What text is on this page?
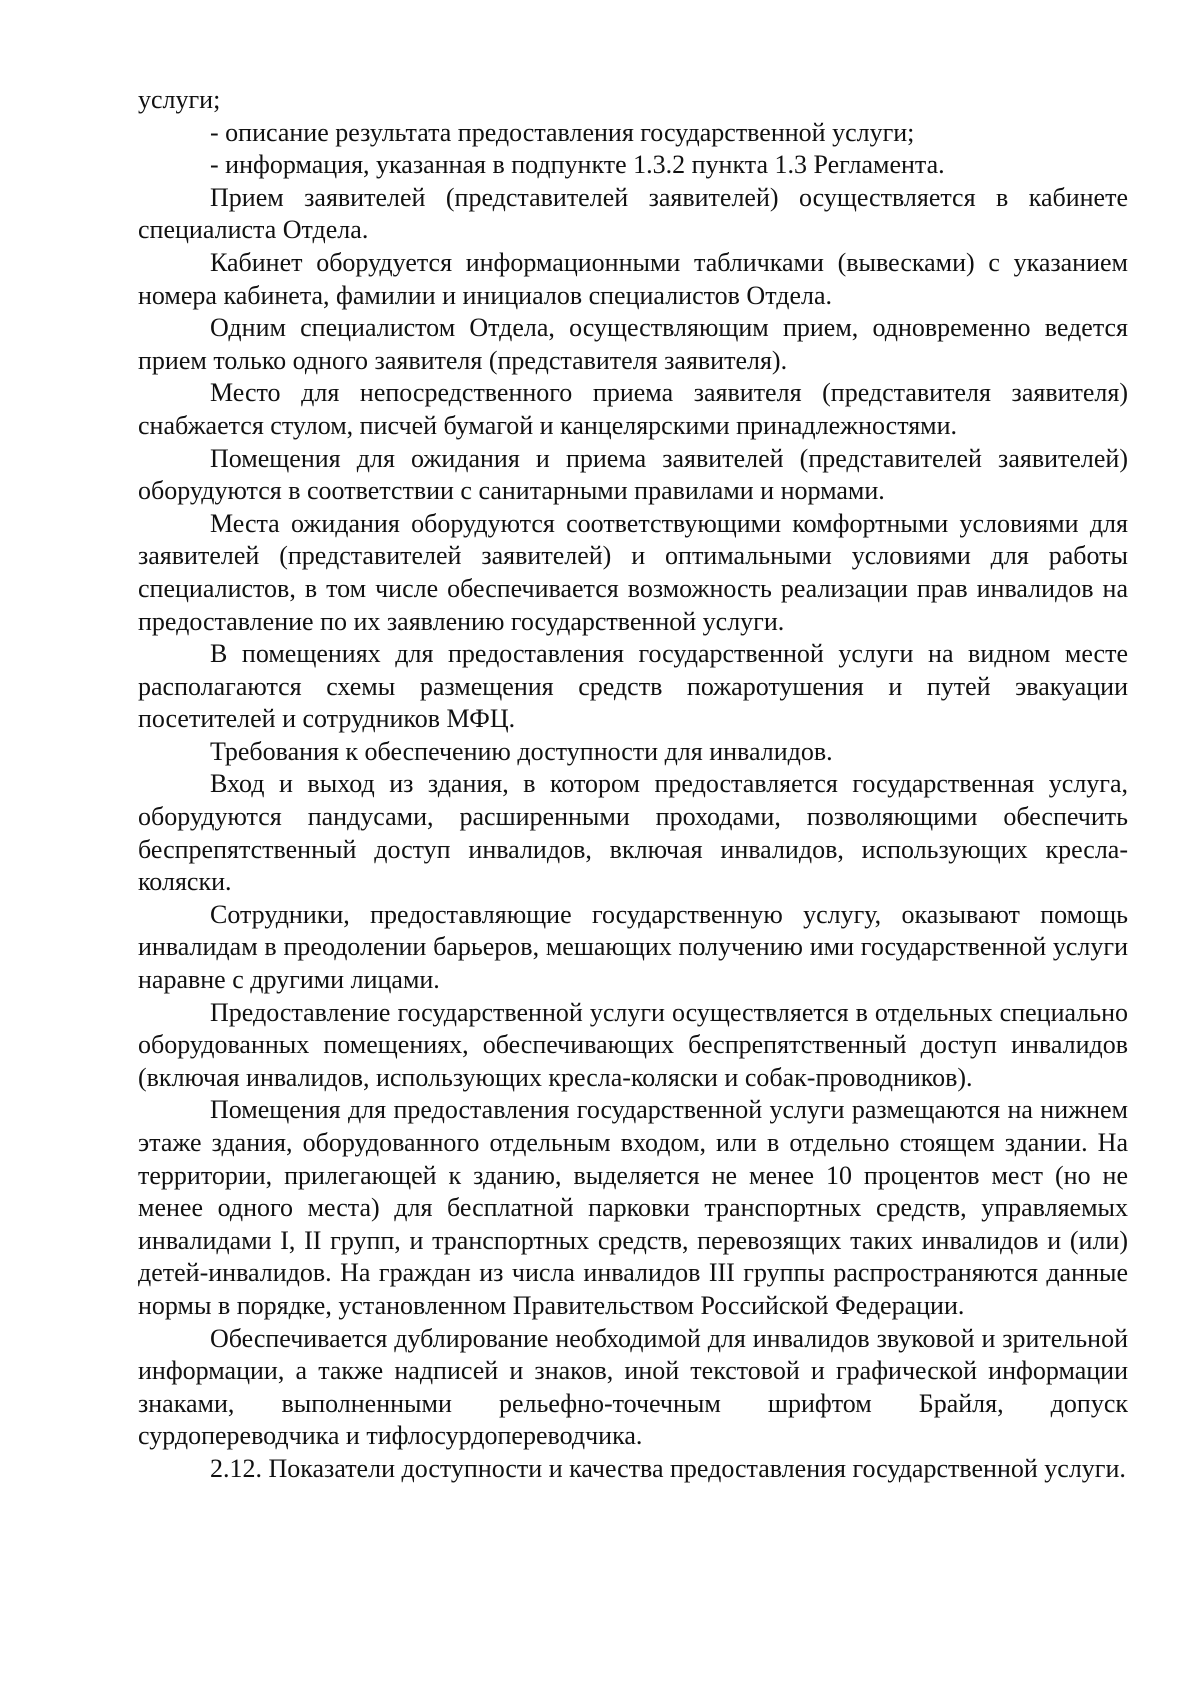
услуги;

- описание результата предоставления государственной услуги;

- информация, указанная в подпункте 1.3.2 пункта 1.3 Регламента.

Прием заявителей (представителей заявителей) осуществляется в кабинете специалиста Отдела.

Кабинет оборудуется информационными табличками (вывесками) с указанием номера кабинета, фамилии и инициалов специалистов Отдела.

Одним специалистом Отдела, осуществляющим прием, одновременно ведется прием только одного заявителя (представителя заявителя).

Место для непосредственного приема заявителя (представителя заявителя) снабжается стулом, писчей бумагой и канцелярскими принадлежностями.

Помещения для ожидания и приема заявителей (представителей заявителей) оборудуются в соответствии с санитарными правилами и нормами.

Места ожидания оборудуются соответствующими комфортными условиями для заявителей (представителей заявителей) и оптимальными условиями для работы специалистов, в том числе обеспечивается возможность реализации прав инвалидов на предоставление по их заявлению государственной услуги.

В помещениях для предоставления государственной услуги на видном месте располагаются схемы размещения средств пожаротушения и путей эвакуации посетителей и сотрудников МФЦ.

Требования к обеспечению доступности для инвалидов.

Вход и выход из здания, в котором предоставляется государственная услуга, оборудуются пандусами, расширенными проходами, позволяющими обеспечить беспрепятственный доступ инвалидов, включая инвалидов, использующих кресла-коляски.

Сотрудники, предоставляющие государственную услугу, оказывают помощь инвалидам в преодолении барьеров, мешающих получению ими государственной услуги наравне с другими лицами.

Предоставление государственной услуги осуществляется в отдельных специально оборудованных помещениях, обеспечивающих беспрепятственный доступ инвалидов (включая инвалидов, использующих кресла-коляски и собак-проводников).

Помещения для предоставления государственной услуги размещаются на нижнем этаже здания, оборудованного отдельным входом, или в отдельно стоящем здании. На территории, прилегающей к зданию, выделяется не менее 10 процентов мест (но не менее одного места) для бесплатной парковки транспортных средств, управляемых инвалидами I, II групп, и транспортных средств, перевозящих таких инвалидов и (или) детей-инвалидов. На граждан из числа инвалидов III группы распространяются данные нормы в порядке, установленном Правительством Российской Федерации.

Обеспечивается дублирование необходимой для инвалидов звуковой и зрительной информации, а также надписей и знаков, иной текстовой и графической информации знаками, выполненными рельефно-точечным шрифтом Брайля, допуск сурдопереводчика и тифлосурдопереводчика.

2.12. Показатели доступности и качества предоставления государственной услуги.
